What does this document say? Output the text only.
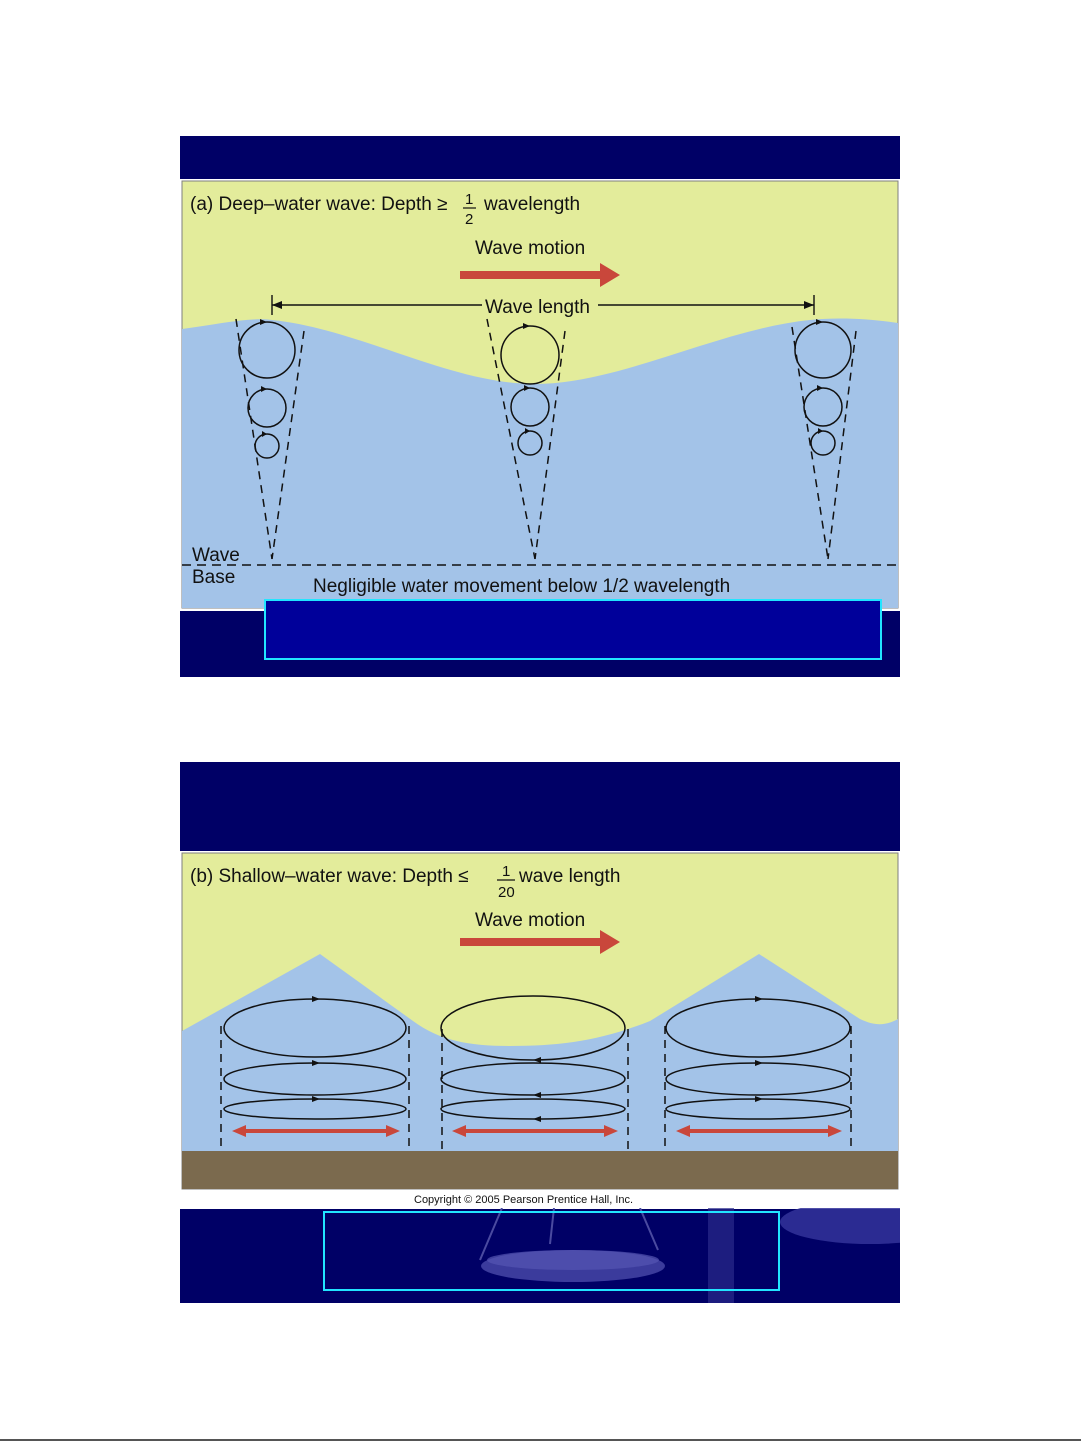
(a) Deep–water wave: Depth ≥ 1
2
wavelength
Wave motion
Wave length
Wave
Base	Negligible water movement below 1/2 wavelength
(b) Shallow–water wave: Depth ≤ 1
20
wave length
Wave motion
Copyright © 2005 Pearson Prentice Hall, Inc.
